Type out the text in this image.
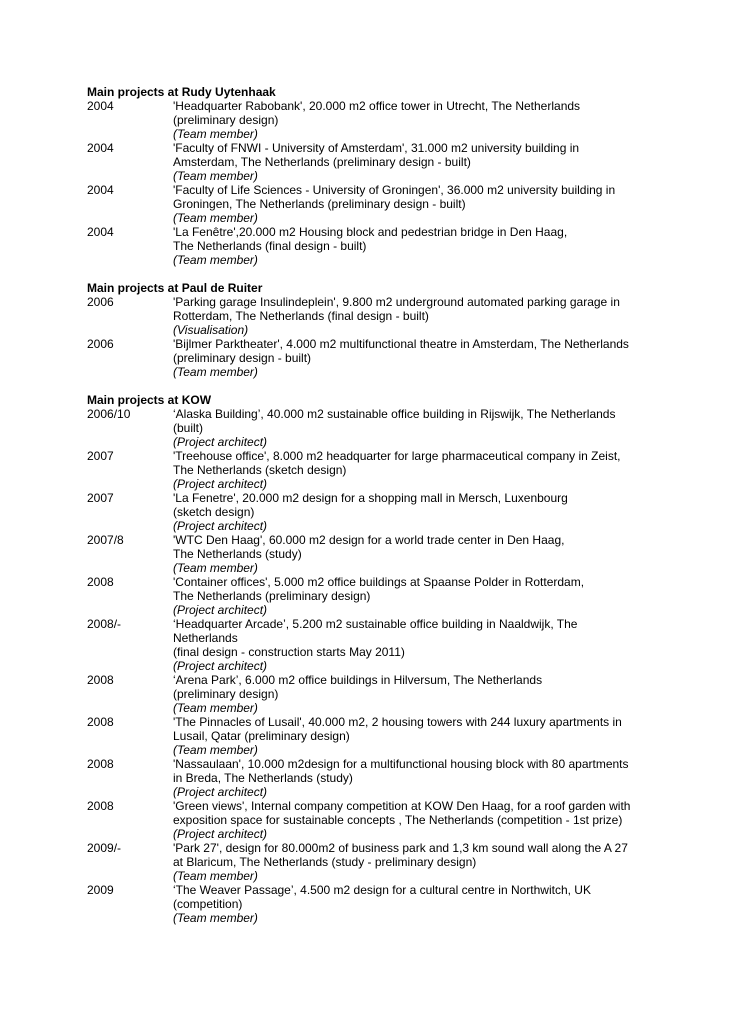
Main projects at Rudy Uytenhaak
2004	'Headquarter Rabobank', 20.000 m2 office tower in Utrecht, The Netherlands
(preliminary design)
(Team member)
2004	'Faculty of FNWI - University of Amsterdam', 31.000 m2 university building in
Amsterdam, The Netherlands (preliminary design - built)
(Team member)
2004	'Faculty of Life Sciences - University of Groningen', 36.000 m2 university building in
Groningen, The Netherlands (preliminary design - built)
(Team member)
2004	'La Fenêtre',20.000 m2 Housing block and pedestrian bridge in Den Haag,
The Netherlands (final design - built)
(Team member)
Main projects at Paul de Ruiter
2006	'Parking garage Insulindeplein', 9.800 m2 underground automated parking garage in
Rotterdam, The Netherlands (final design - built)
(Visualisation)
2006	'Bijlmer Parktheater', 4.000 m2 multifunctional theatre in Amsterdam, The Netherlands
(preliminary design - built)
(Team member)
Main projects at KOW
2006/10	‘Alaska Building’, 40.000 m2 sustainable office building in Rijswijk, The Netherlands
(built)
(Project architect)
2007	'Treehouse office', 8.000 m2 headquarter for large pharmaceutical company in Zeist,
The Netherlands (sketch design)
(Project architect)
2007	'La Fenetre', 20.000 m2 design for a shopping mall in Mersch, Luxenbourg
(sketch design)
(Project architect)
2007/8	'WTC Den Haag', 60.000 m2 design for a world trade center in Den Haag,
The Netherlands (study)
(Team member)
2008	'Container offices', 5.000 m2 office buildings at Spaanse Polder in Rotterdam,
The Netherlands (preliminary design)
(Project architect)
2008/-	‘Headquarter Arcade’, 5.200 m2 sustainable office building in Naaldwijk, The
Netherlands
(final design - construction starts May 2011)
(Project architect)
2008	‘Arena Park’, 6.000 m2 office buildings in Hilversum, The Netherlands
(preliminary design)
(Team member)
2008	'The Pinnacles of Lusail', 40.000 m2, 2 housing towers with 244 luxury apartments in
Lusail, Qatar (preliminary design)
(Team member)
2008	'Nassaulaan', 10.000 m2design for a multifunctional housing block with 80 apartments
in Breda, The Netherlands (study)
(Project architect)
2008	'Green views', Internal company competition at KOW Den Haag, for a roof garden with
exposition space for sustainable concepts , The Netherlands (competition - 1st prize)
(Project architect)
2009/-	'Park 27', design for 80.000m2 of business park and 1,3 km sound wall along the A 27
at Blaricum, The Netherlands (study - preliminary design)
(Team member)
2009	‘The Weaver Passage’, 4.500 m2 design for a cultural centre in Northwitch, UK
(competition)
(Team member)
